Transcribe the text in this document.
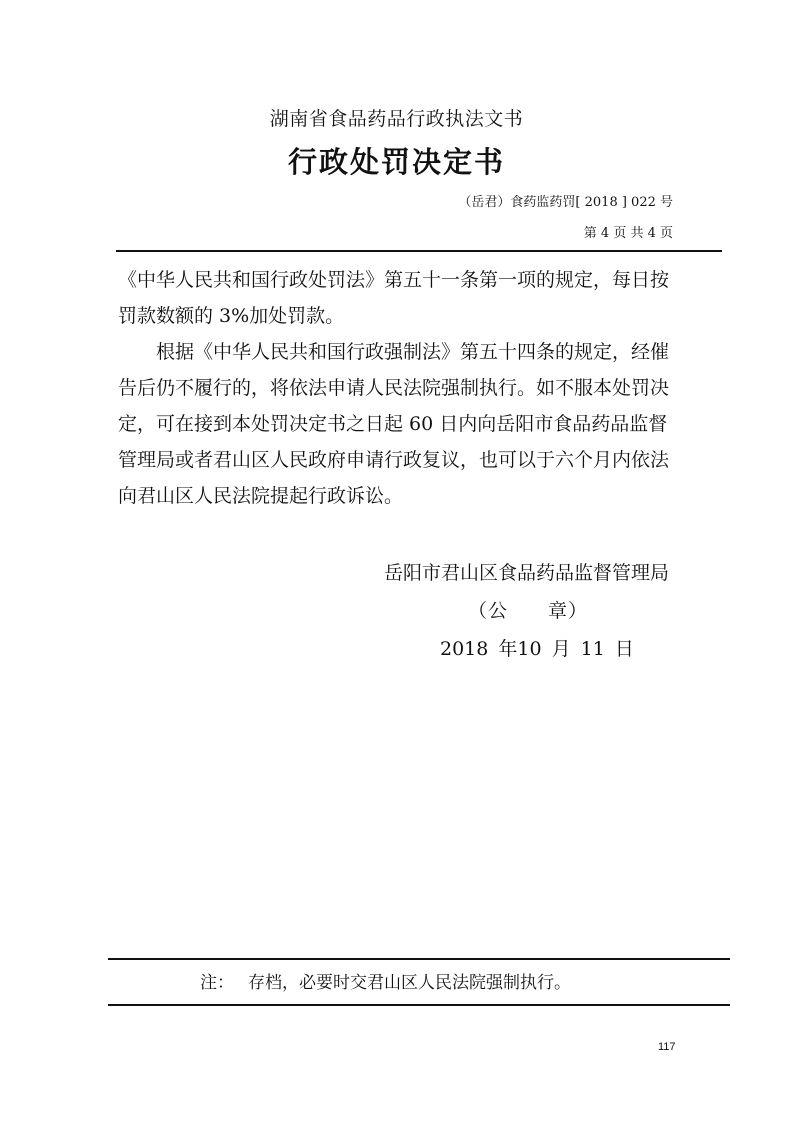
湖南省食品药品行政执法文书
行政处罚决定书
（岳君）食药监药罚[ 2018 ] 022 号
第 4 页 共 4 页

《中华人民共和国行政处罚法》第五十一条第一项的规定，每日按罚款数额的 3%加处罚款。

根据《中华人民共和国行政强制法》第五十四条的规定，经催告后仍不履行的，将依法申请人民法院强制执行。如不服本处罚决定，可在接到本处罚决定书之日起 60 日内向岳阳市食品药品监督管理局或者君山区人民政府申请行政复议，也可以于六个月内依法向君山区人民法院提起行政诉讼。

岳阳市君山区食品药品监督管理局
（公　　章）
2018 年10 月 11 日
注： 存档，必要时交君山区人民法院强制执行。
117
